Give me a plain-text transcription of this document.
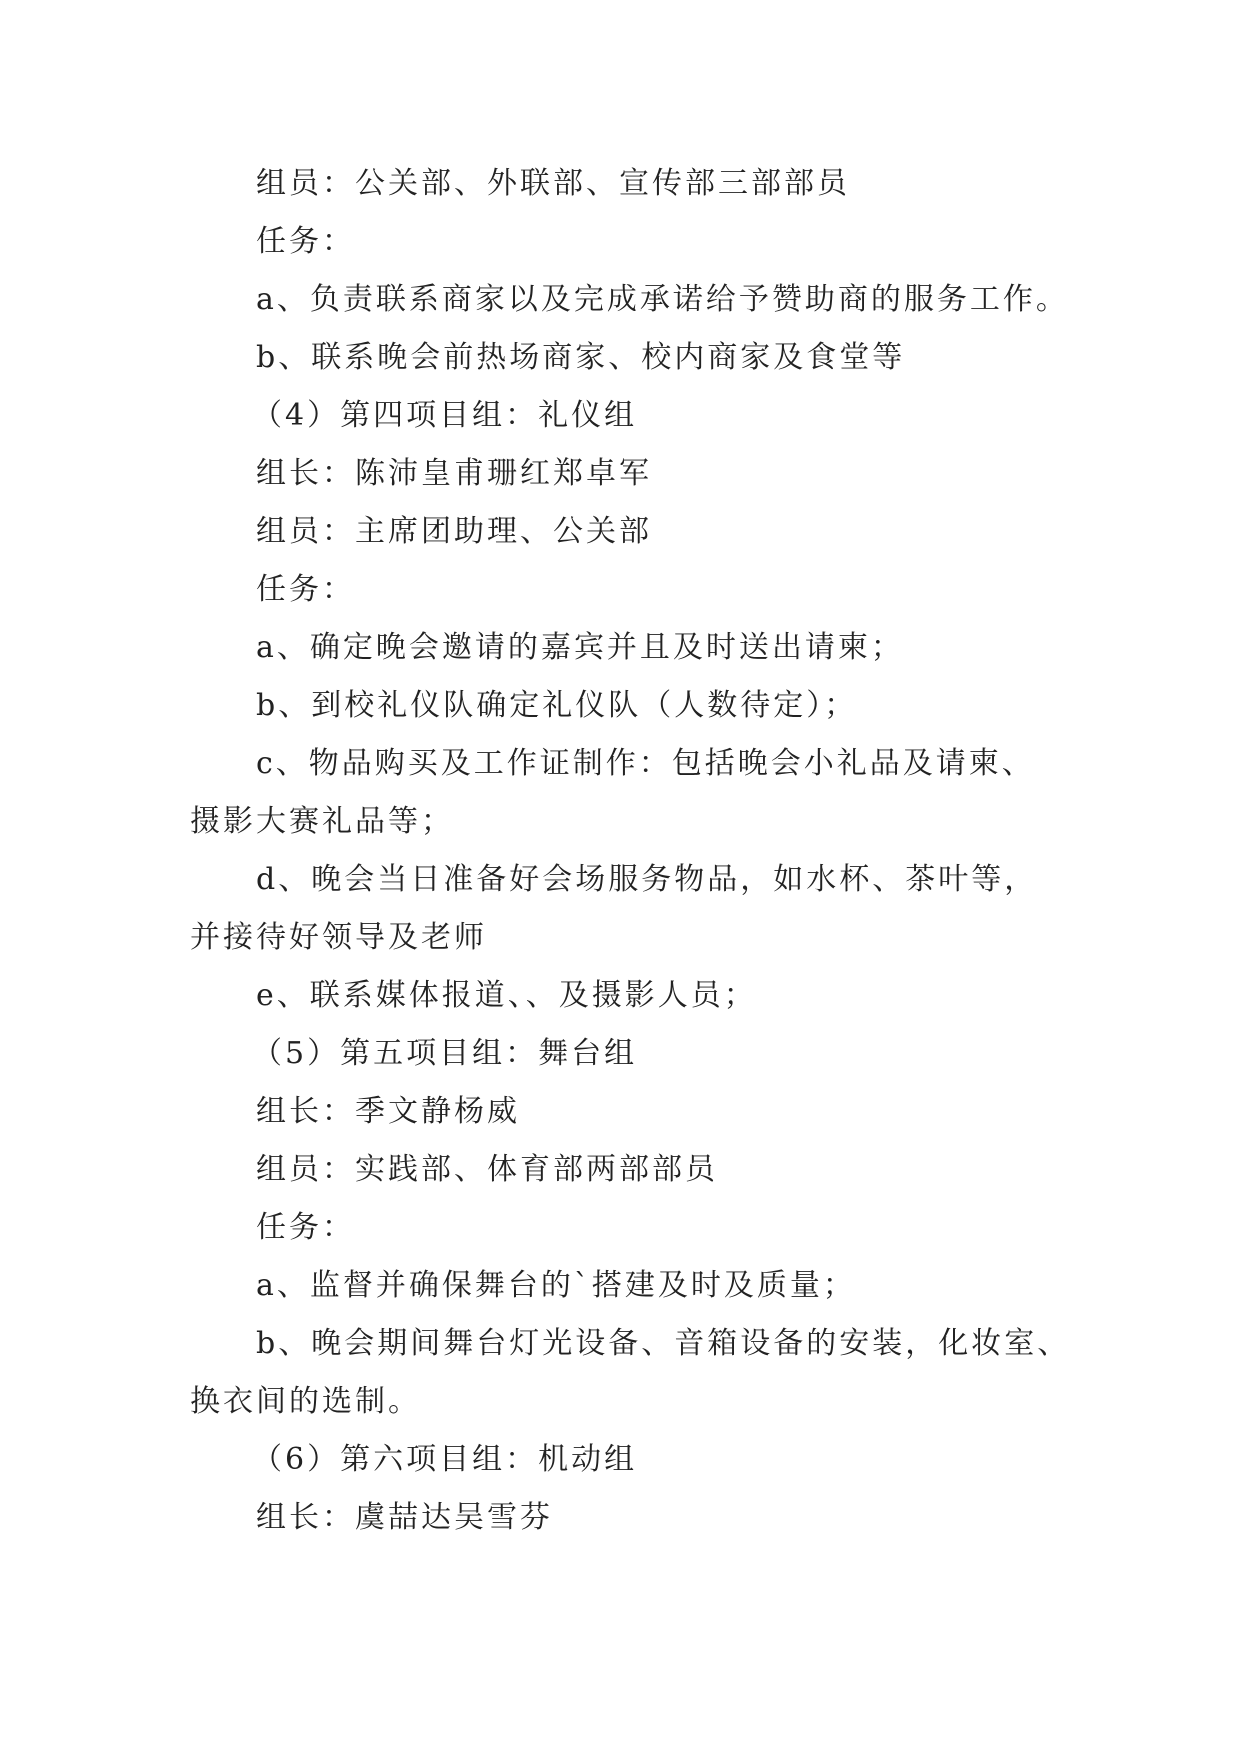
组员：公关部、外联部、宣传部三部部员
任务：
a、负责联系商家以及完成承诺给予赞助商的服务工作。
b、联系晚会前热场商家、校内商家及食堂等
（4）第四项目组：礼仪组
组长：陈沛皇甫珊红郑卓军
组员：主席团助理、公关部
任务：
a、确定晚会邀请的嘉宾并且及时送出请柬；
b、到校礼仪队确定礼仪队（人数待定）；
c、物品购买及工作证制作：包括晚会小礼品及请柬、
摄影大赛礼品等；
d、晚会当日准备好会场服务物品，如水杯、茶叶等，
并接待好领导及老师
e、联系媒体报道、、及摄影人员；
（5）第五项目组：舞台组
组长：季文静杨威
组员：实践部、体育部两部部员
任务：
a、监督并确保舞台的`搭建及时及质量；
b、晚会期间舞台灯光设备、音箱设备的安装，化妆室、
换衣间的选制。
（6）第六项目组：机动组
组长：虞喆达吴雪芬
